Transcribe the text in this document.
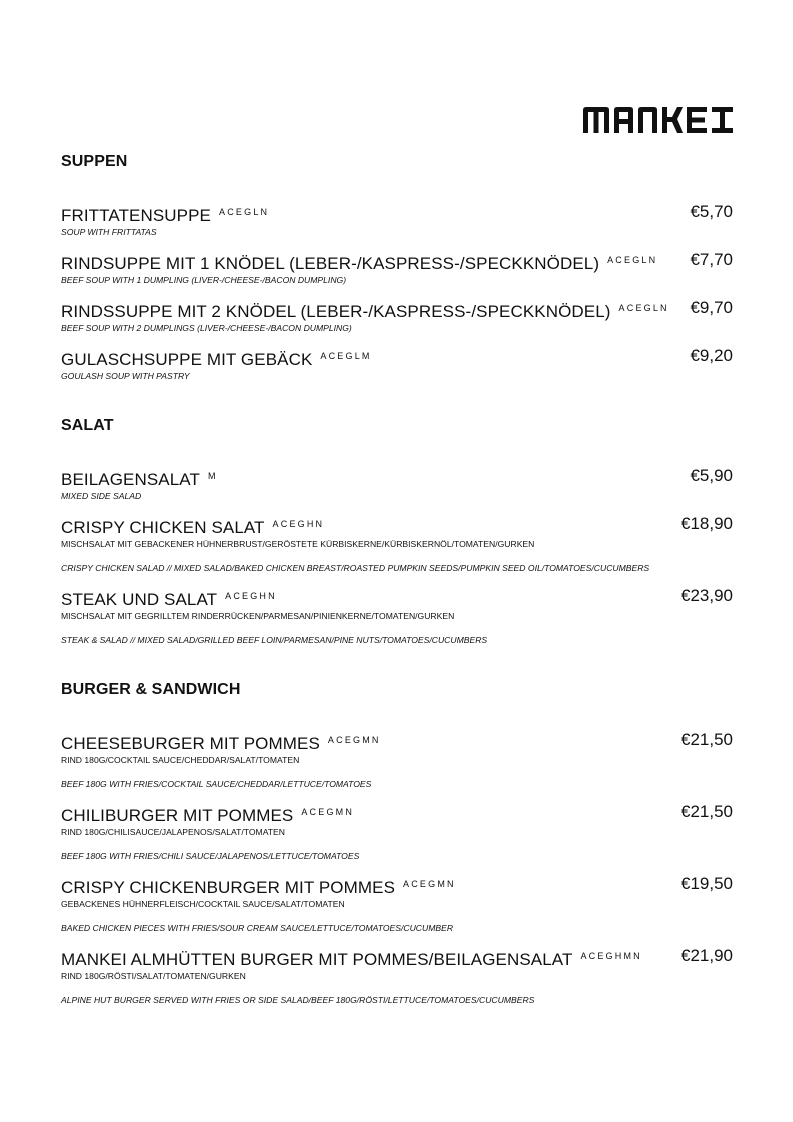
SUPPEN
FRITTATENSUPPE $^{ACEGLN}$	€5,70
SOUP WITH FRITTATAS
RINDSUPPE MIT 1 KNÖDEL (LEBER-/KASPRESS-/SPECKKNÖDEL) $^{ACEGLN}$ €7,70
BEEF SOUP WITH 1 DUMPLING (LIVER-/CHEESE-/BACON DUMPLING)
RINDSSUPPE MIT 2 KNÖDEL (LEBER-/KASPRESS-/SPECKKNÖDEL) $^{ACEGLN}$ €9,70
BEEF SOUP WITH 2 DUMPLINGS (LIVER-/CHEESE-/BACON DUMPLING)
GULASCHSUPPE MIT GEBÄCK $^{ACEGLM}$	€9,20
GOULASH SOUP WITH PASTRY
SALAT
BEILAGENSALAT $^M$	€5,90
MIXED SIDE SALAD
CRISPY CHICKEN SALAT $^{ACEGHN}$	€18,90
MISCHSALAT MIT GEBACKENER HÜHNERBRUST/GERÖSTETE KÜRBISKERNE/KÜRBISKERNÖL/TOMATEN/GURKEN
CRISPY CHICKEN SALAD // MIXED SALAD/BAKED CHICKEN BREAST/ROASTED PUMPKIN SEEDS/PUMPKIN SEED OIL/TOMATOES/CUCUMBERS
STEAK UND SALAT $^{ACEGHN}$	€23,90
MISCHSALAT MIT GEGRILLTEM RINDERRÜCKEN/PARMESAN/PINIENKERNE/TOMATEN/GURKEN
STEAK & SALAD // MIXED SALAD/GRILLED BEEF LOIN/PARMESAN/PINE NUTS/TOMATOES/CUCUMBERS
BURGER & SANDWICH
CHEESEBURGER MIT POMMES $^{ACEGMN}$	€21,50
RIND 180G/COCKTAIL SAUCE/CHEDDAR/SALAT/TOMATEN
BEEF 180G WITH FRIES/COCKTAIL SAUCE/CHEDDAR/LETTUCE/TOMATOES
CHILIBURGER MIT POMMES $^{ACEGMN}$	€21,50
RIND 180G/CHILISAUCE/JALAPENOS/SALAT/TOMATEN
BEEF 180G WITH FRIES/CHILI SAUCE/JALAPENOS/LETTUCE/TOMATOES
CRISPY CHICKENBURGER MIT POMMES $^{ACEGMN}$	€19,50
GEBACKENES HÜHNERFLEISCH/COCKTAIL SAUCE/SALAT/TOMATEN
BAKED CHICKEN PIECES WITH FRIES/SOUR CREAM SAUCE/LETTUCE/TOMATOES/CUCUMBER
MANKEI ALMHÜTTEN BURGER MIT POMMES/BEILAGENSALAT $^{ACEGHMN}$ €21,90
RIND 180G/RÖSTI/SALAT/TOMATEN/GURKEN
ALPINE HUT BURGER SERVED WITH FRIES OR SIDE SALAD/BEEF 180G/RÖSTI/LETTUCE/TOMATOES/CUCUMBERS
